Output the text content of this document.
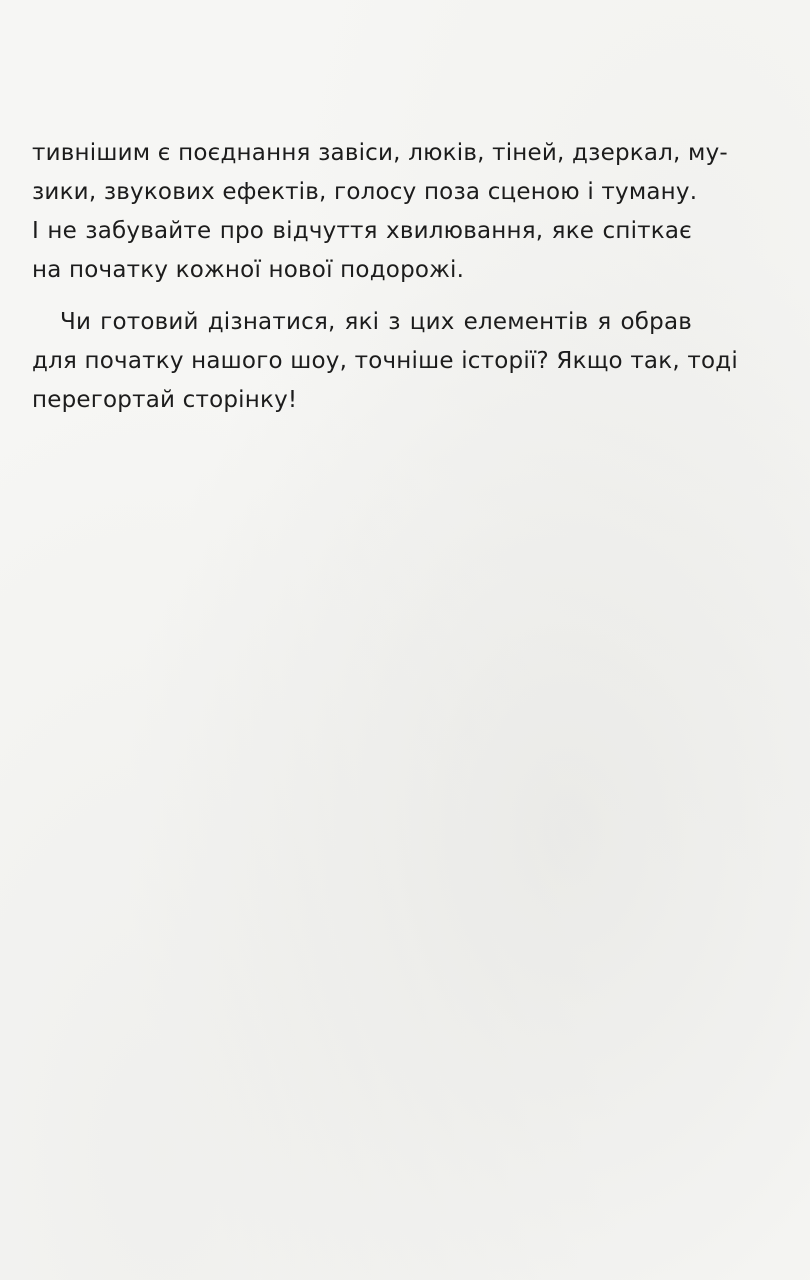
тивнішим є поєднання завіси, люків, тіней, дзеркал, му-
зики, звукових ефектів, голосу поза сценою і туману.
І не забувайте про відчуття хвилювання, яке спіткає
на початку кожної нової подорожі.
Чи готовий дізнатися, які з цих елементів я обрав
для початку нашого шоу, точніше історії? Якщо так, тоді
перегортай сторінку!
